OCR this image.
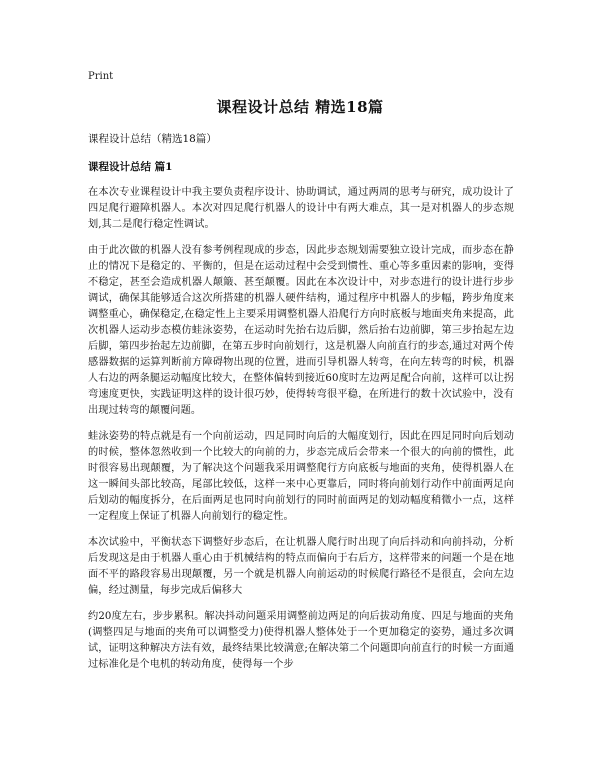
Print
课程设计总结 精选18篇
课程设计总结（精选18篇）
课程设计总结 篇1

在本次专业课程设计中我主要负责程序设计、协助调试，通过两周的思考与研究，成功设计了四足爬行避障机器人。本次对四足爬行机器人的设计中有两大难点，其一是对机器人的步态规划,其二是爬行稳定性调试。

由于此次做的机器人没有参考例程现成的步态，因此步态规划需要独立设计完成，而步态在静止的情况下是稳定的、平衡的，但是在运动过程中会受到惯性、重心等多重因素的影响，变得不稳定，甚至会造成机器人颠簸、甚至颠覆。因此在本次设计中，对步态进行的设计进行步步调试，确保其能够适合这次所搭建的机器人硬件结构，通过程序中机器人的步幅，跨步角度来调整重心，确保稳定,在稳定性上主要采用调整机器人沿爬行方向时底板与地面夹角来提高，此次机器人运动步态模仿蛙泳姿势，在运动时先抬右边后脚，然后抬右边前脚，第三步抬起左边后脚，第四步抬起左边前脚，在第五步时向前划行，这是机器人向前直行的步态,通过对两个传感器数据的运算判断前方障碍物出现的位置，进而引导机器人转弯，在向左转弯的时候，机器人右边的两条腿运动幅度比较大，在整体偏转到接近60度时左边两足配合向前，这样可以让拐弯速度更快，实践证明这样的设计很巧妙，使得转弯很平稳，在所进行的数十次试验中，没有出现过转弯的颠覆问题。

蛙泳姿势的特点就是有一个向前运动，四足同时向后的大幅度划行，因此在四足同时向后划动的时候，整体忽然收到一个比较大的向前的力，步态完成后会带来一个很大的向前的惯性，此时很容易出现颠覆，为了解决这个问题我采用调整爬行方向底板与地面的夹角，使得机器人在这一瞬间头部比较高，尾部比较低，这样一来中心更靠后，同时将向前划行动作中前面两足向后划动的幅度拆分，在后面两足也同时向前划行的同时前面两足的划动幅度稍微小一点，这样一定程度上保证了机器人向前划行的稳定性。

本次试验中，平衡状态下调整好步态后，在让机器人爬行时出现了向后抖动和向前抖动，分析后发现这是由于机器人重心由于机械结构的特点而偏向于右后方，这样带来的问题一个是在地面不平的路段容易出现颠覆，另一个就是机器人向前运动的时候爬行路径不是很直，会向左边偏，经过测量，每步完成后偏移大

约20度左右，步步累积。解决抖动问题采用调整前边两足的向后拔动角度、四足与地面的夹角(调整四足与地面的夹角可以调整受力)使得机器人整体处于一个更加稳定的姿势，通过多次调试，证明这种解决方法有效，最终结果比较满意;在解决第二个问题即向前直行的时候一方面通过标准化是个电机的转动角度，使得每一个步
